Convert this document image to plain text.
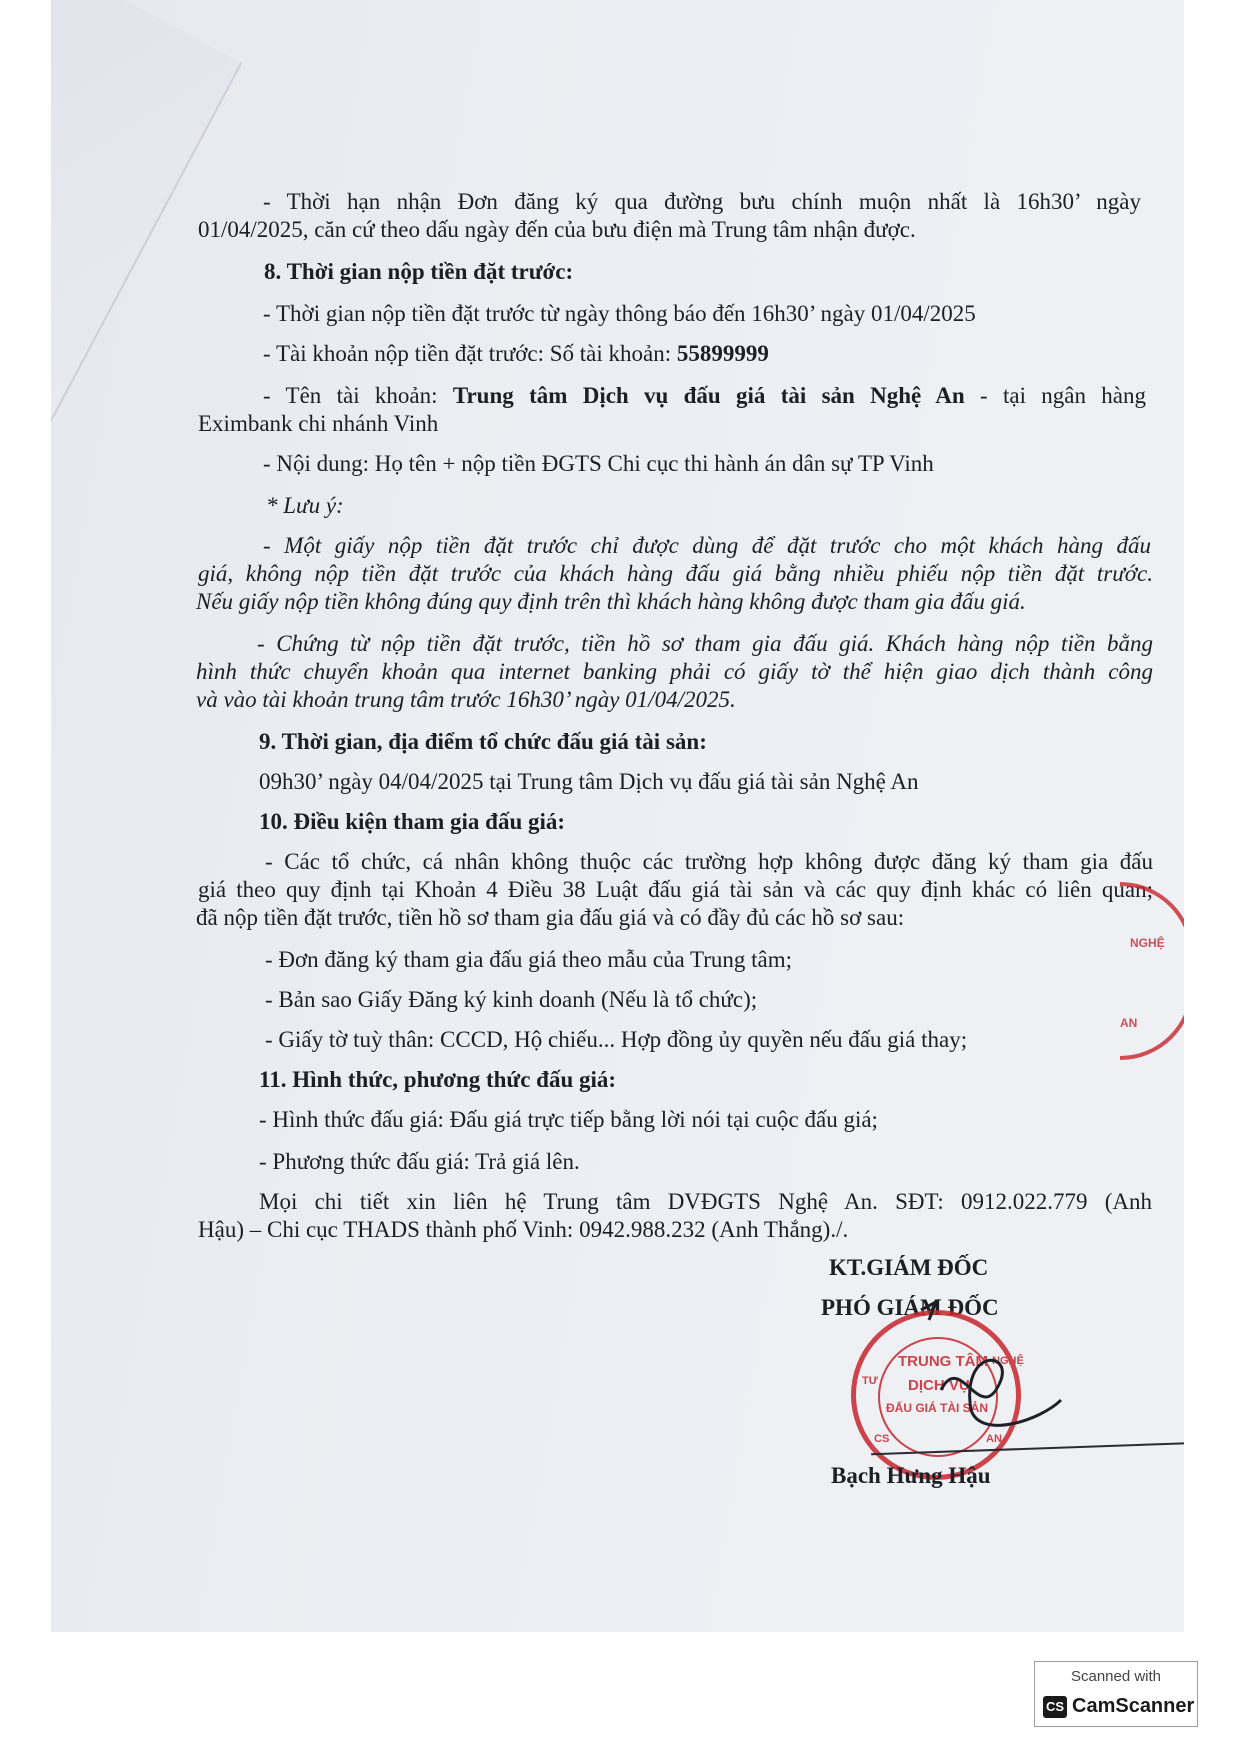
- Thời hạn nhận Đơn đăng ký qua đường bưu chính muộn nhất là 16h30’ ngày
01/04/2025, căn cứ theo dấu ngày đến của bưu điện mà Trung tâm nhận được.
8. Thời gian nộp tiền đặt trước:
- Thời gian nộp tiền đặt trước từ ngày thông báo đến 16h30’ ngày 01/04/2025
- Tài khoản nộp tiền đặt trước: Số tài khoản: 55899999
- Tên tài khoản: Trung tâm Dịch vụ đấu giá tài sản Nghệ An - tại ngân hàng
Eximbank chi nhánh Vinh
- Nội dung: Họ tên + nộp tiền ĐGTS Chi cục thi hành án dân sự TP Vinh
* Lưu ý:
- Một giấy nộp tiền đặt trước chỉ được dùng để đặt trước cho một khách hàng đấu
giá, không nộp tiền đặt trước của khách hàng đấu giá bằng nhiều phiếu nộp tiền đặt trước.
Nếu giấy nộp tiền không đúng quy định trên thì khách hàng không được tham gia đấu giá.
- Chứng từ nộp tiền đặt trước, tiền hồ sơ tham gia đấu giá. Khách hàng nộp tiền bằng
hình thức chuyển khoản qua internet banking phải có giấy tờ thể hiện giao dịch thành công
và vào tài khoản trung tâm trước 16h30’ ngày 01/04/2025.
9. Thời gian, địa điểm tổ chức đấu giá tài sản:
09h30’ ngày 04/04/2025 tại Trung tâm Dịch vụ đấu giá tài sản Nghệ An
10. Điều kiện tham gia đấu giá:
- Các tổ chức, cá nhân không thuộc các trường hợp không được đăng ký tham gia đấu
giá theo quy định tại Khoản 4 Điều 38 Luật đấu giá tài sản và các quy định khác có liên quan;
đã nộp tiền đặt trước, tiền hồ sơ tham gia đấu giá và có đầy đủ các hồ sơ sau:
- Đơn đăng ký tham gia đấu giá theo mẫu của Trung tâm;
- Bản sao Giấy Đăng ký kinh doanh (Nếu là tổ chức);
- Giấy tờ tuỳ thân: CCCD, Hộ chiếu... Hợp đồng ủy quyền nếu đấu giá thay;
11. Hình thức, phương thức đấu giá:
- Hình thức đấu giá: Đấu giá trực tiếp bằng lời nói tại cuộc đấu giá;
- Phương thức đấu giá: Trả giá lên.
Mọi chi tiết xin liên hệ Trung tâm DVĐGTS Nghệ An. SĐT: 0912.022.779 (Anh
Hậu) – Chi cục THADS thành phố Vinh: 0942.988.232 (Anh Thắng)./.
KT.GIÁM ĐỐC
PHÓ GIÁM ĐỐC
TRUNG TÂM
DỊCH VỤ
ĐẤU GIÁ TÀI SẢN
TƯ
NGHỆ
CS	AN
Bạch Hưng Hậu
NGHỆ
AN
Scanned with
CS CamScanner
